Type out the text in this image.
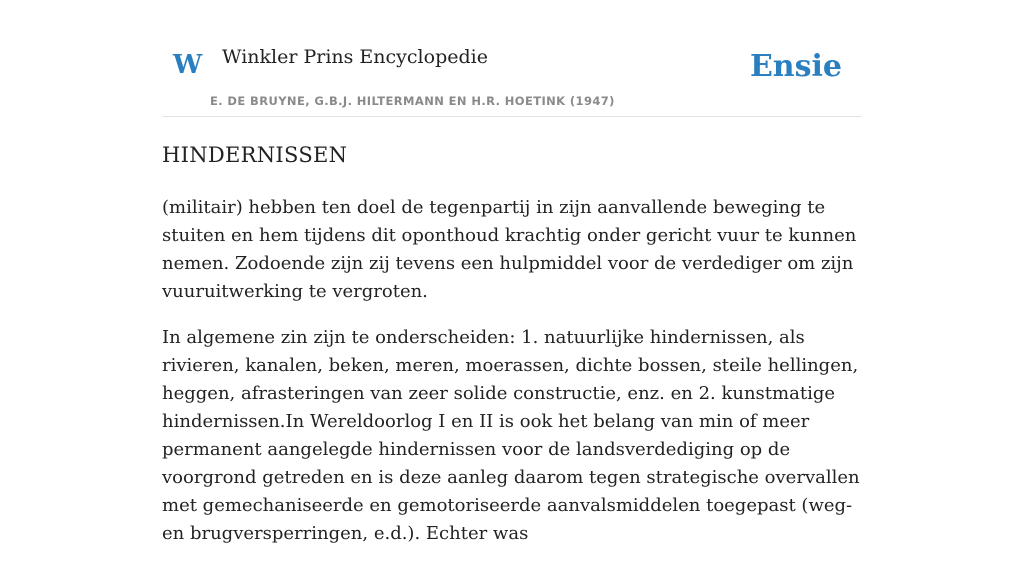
W Winkler Prins Encyclopedie
E. DE BRUYNE, G.B.J. HILTERMANN EN H.R. HOETINK (1947)
Ensie
HINDERNISSEN

(militair) hebben ten doel de tegenpartij in zijn aanvallende beweging te stuiten en hem tijdens dit oponthoud krachtig onder gericht vuur te kunnen nemen. Zodoende zijn zij tevens een hulpmiddel voor de verdediger om zijn vuuruitwerking te vergroten.

In algemene zin zijn te onderscheiden: 1. natuurlijke hindernissen, als rivieren, kanalen, beken, meren, moerassen, dichte bossen, steile hellingen, heggen, afrasteringen van zeer solide constructie, enz. en 2. kunstmatige hindernissen.In Wereldoorlog I en II is ook het belang van min of meer permanent aangelegde hindernissen voor de landsverdediging op de voorgrond getreden en is deze aanleg daarom tegen strategische overvallen met gemechaniseerde en gemotoriseerde aanvalsmiddelen toegepast (weg- en brugversperringen, e.d.). Echter was
